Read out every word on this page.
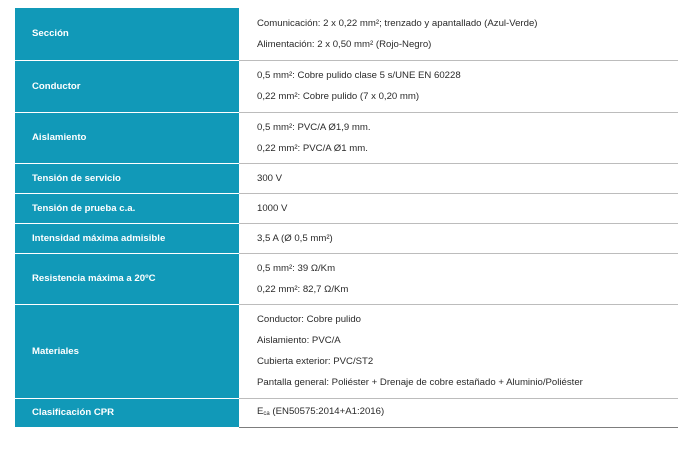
Sección	Comunicación: 2 x 0,22 mm²; trenzado y apantallado (Azul-Verde)
Alimentación: 2 x 0,50 mm² (Rojo-Negro)

Conductor	0,5 mm²: Cobre pulido clase 5 s/UNE EN 60228
0,22 mm²: Cobre pulido (7 x 0,20 mm)

Aislamiento	0,5 mm²: PVC/A Ø1,9 mm.
0,22 mm²: PVC/A Ø1 mm.

Tensión de servicio	300 V

Tensión de prueba c.a.	1000 V

Intensidad máxima admisible	3,5 A (Ø 0,5 mm²)

Resistencia máxima a 20ºC	0,5 mm²: 39 Ω/Km
0,22 mm²: 82,7 Ω/Km

Materiales	Conductor: Cobre pulido
Aislamiento: PVC/A
Cubierta exterior: PVC/ST2
Pantalla general: Poliéster + Drenaje de cobre estañado + Aluminio/Poliéster

Clasificación CPR	Eca (EN50575:2014+A1:2016)
